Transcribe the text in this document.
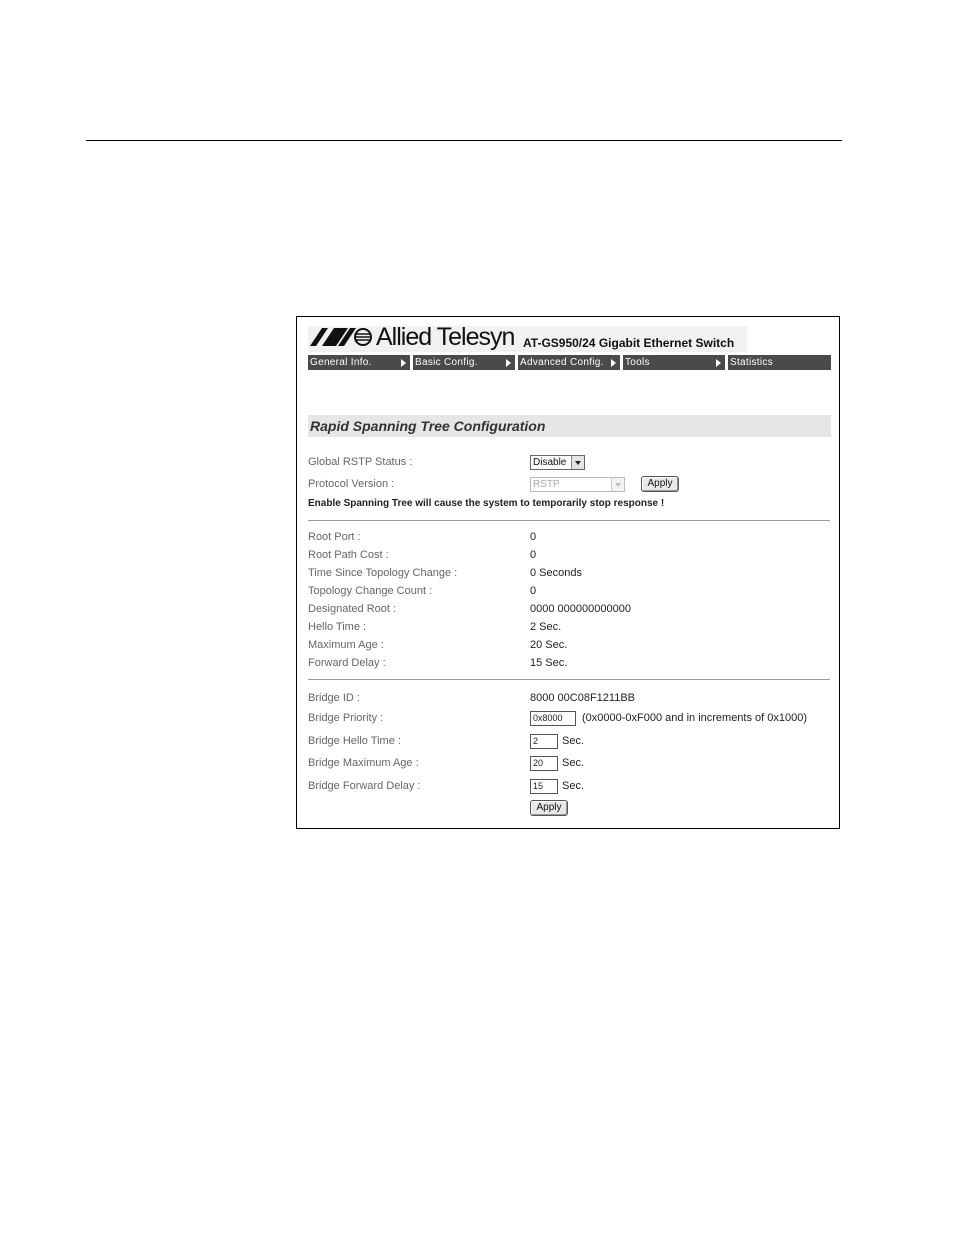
Allied Telesyn AT-GS950/24 Gigabit Ethernet Switch
General Info.	Basic Config.	Advanced Config.	Tools	Statistics
Rapid Spanning Tree Configuration
Global RSTP Status :	Disable
Protocol Version :	RSTP	Apply
Enable Spanning Tree will cause the system to temporarily stop response !
Root Port :	0
Root Path Cost :	0
Time Since Topology Change :	0 Seconds
Topology Change Count :	0
Designated Root :	0000 000000000000
Hello Time :	2 Sec.
Maximum Age :	20 Sec.
Forward Delay :	15 Sec.
Bridge ID :	8000 00C08F1211BB
Bridge Priority :	0x8000	(0x0000-0xF000 and in increments of 0x1000)
Bridge Hello Time :	2	Sec.
Bridge Maximum Age :	20	Sec.
Bridge Forward Delay :	15	Sec.
Apply
